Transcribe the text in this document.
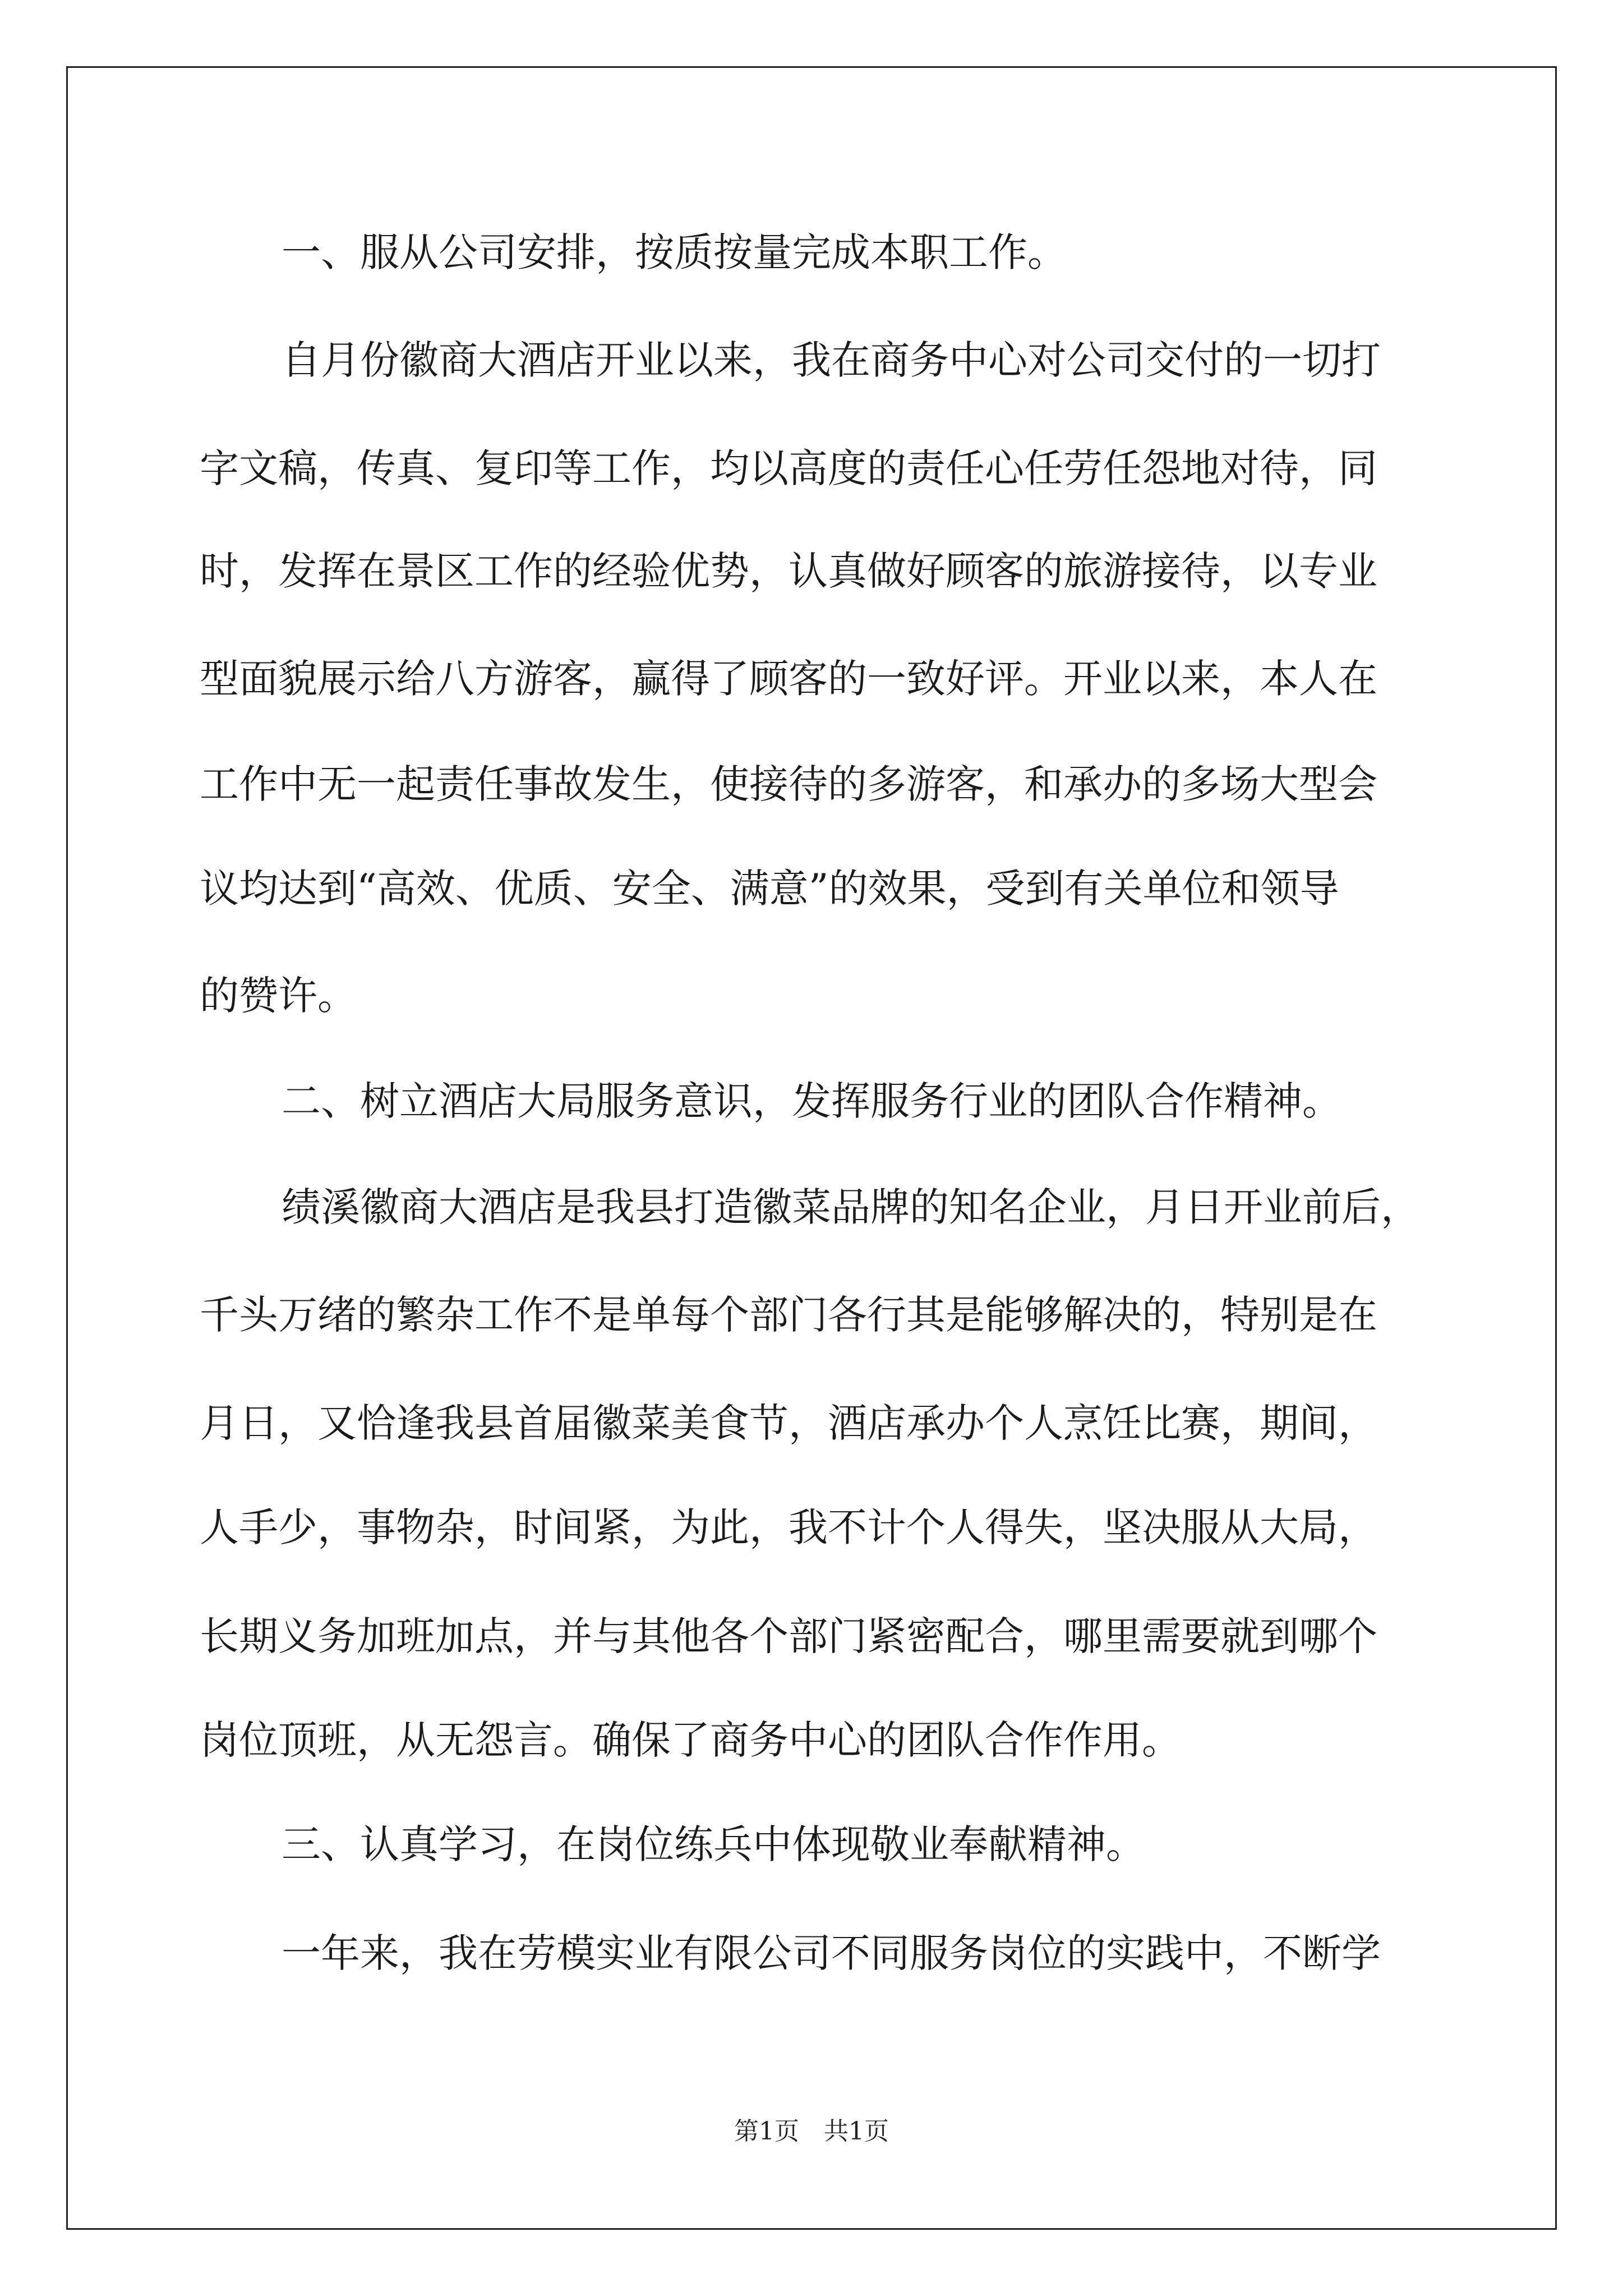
一、服从公司安排，按质按量完成本职工作。
自月份徽商大酒店开业以来，我在商务中心对公司交付的一切打
字文稿，传真、复印等工作，均以高度的责任心任劳任怨地对待，同
时，发挥在景区工作的经验优势，认真做好顾客的旅游接待，以专业
型面貌展示给八方游客，赢得了顾客的一致好评。开业以来，本人在
工作中无一起责任事故发生，使接待的多游客，和承办的多场大型会
议均达到“高效、优质、安全、满意”的效果，受到有关单位和领导
的赞许。
二、树立酒店大局服务意识，发挥服务行业的团队合作精神。
绩溪徽商大酒店是我县打造徽菜品牌的知名企业，月日开业前后，
千头万绪的繁杂工作不是单每个部门各行其是能够解决的，特别是在
月日，又恰逢我县首届徽菜美食节，酒店承办个人烹饪比赛，期间，
人手少，事物杂，时间紧，为此，我不计个人得失，坚决服从大局，
长期义务加班加点，并与其他各个部门紧密配合，哪里需要就到哪个
岗位顶班，从无怨言。确保了商务中心的团队合作作用。
三、认真学习，在岗位练兵中体现敬业奉献精神。
一年来，我在劳模实业有限公司不同服务岗位的实践中，不断学
第1页　共1页
